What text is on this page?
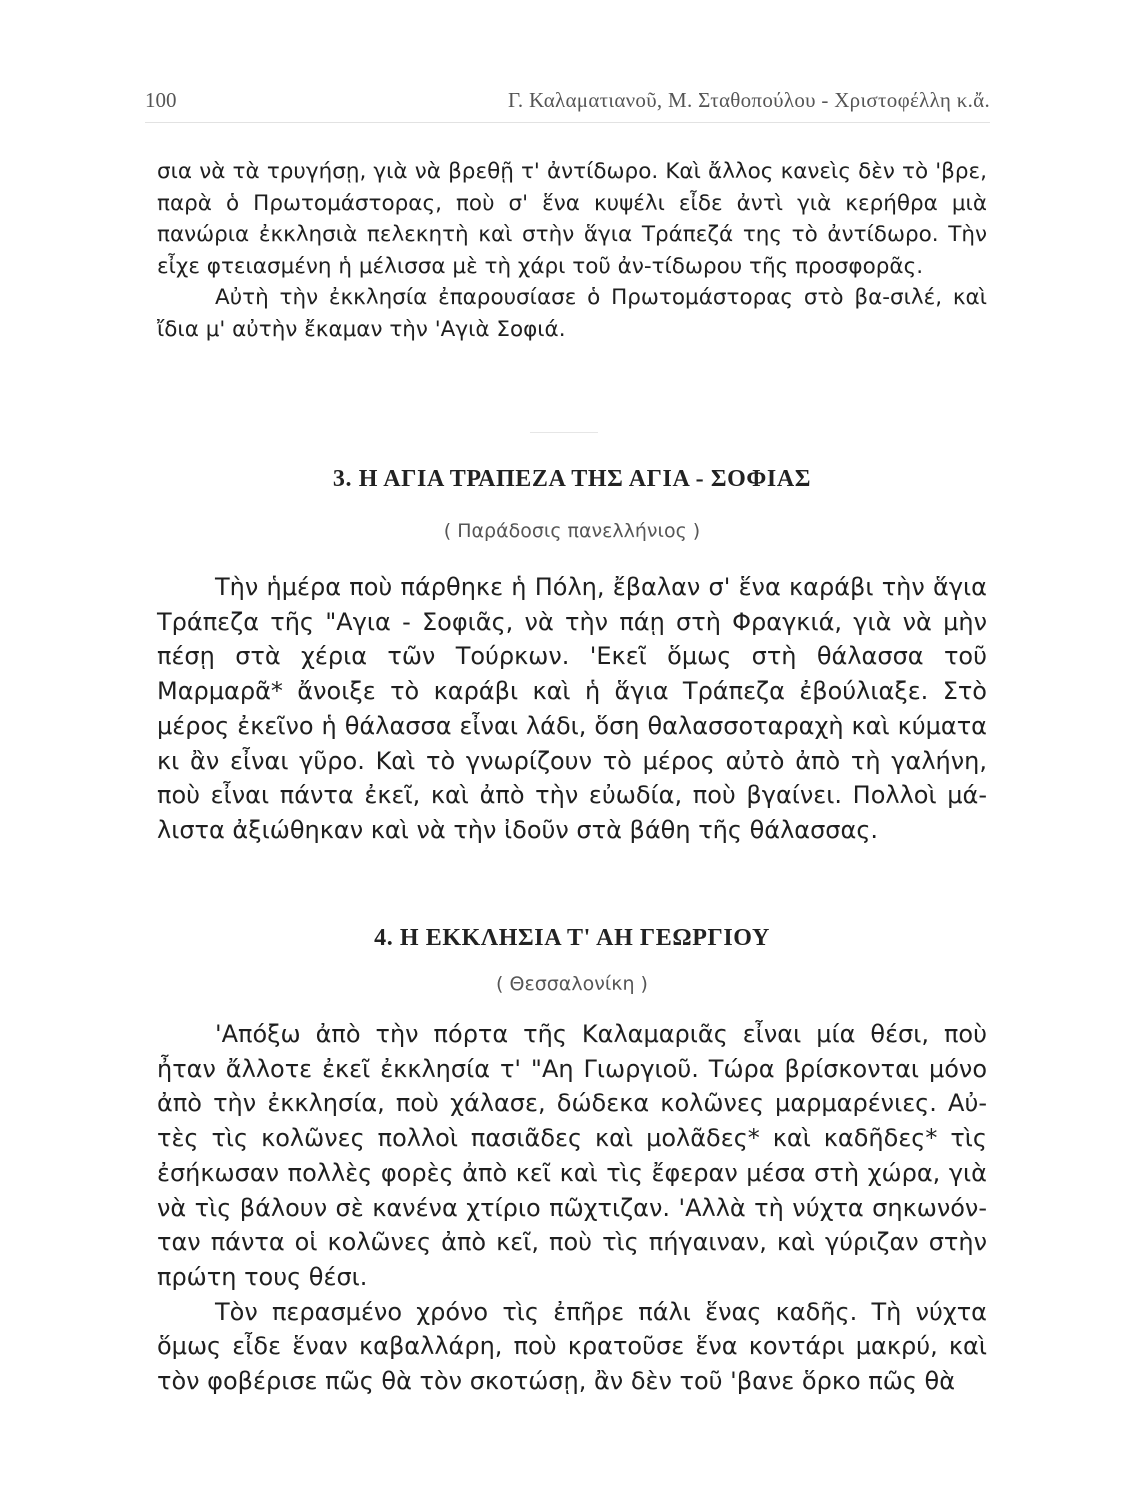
100	Γ. Καλαματιανοῦ, Μ. Σταθοπούλου - Χριστοφέλλη κ.ἄ.

σια νὰ τὰ τρυγήσῃ, γιὰ νὰ βρεθῇ τ' ἀντίδωρο. Καὶ ἄλλος κανεὶς δὲν τὸ 'βρε, παρὰ ὁ Πρωτομάστορας, ποὺ σ' ἕνα κυψέλι εἶδε ἀντὶ γιὰ κερήθρα μιὰ πανώρια ἐκκλησιὰ πελεκητὴ καὶ στὴν ἅγια Τράπεζά της τὸ ἀντίδωρο. Τὴν εἶχε φτειασμένη ἡ μέλισσα μὲ τὴ χάρι τοῦ ἀν-τίδωρου τῆς προσφορᾶς.

Αὐτὴ τὴν ἐκκλησία ἐπαρουσίασε ὁ Πρωτομάστορας στὸ βα-σιλέ, καὶ ἴδια μ' αὐτὴν ἔκαμαν τὴν 'Αγιὰ Σοφιά.

3. Η ΑΓΙΑ ΤΡΑΠΕΖΑ ΤΗΣ ΑΓΙΑ - ΣΟΦΙΑΣ
( Παράδοσις πανελλήνιος )

Τὴν ἡμέρα ποὺ πάρθηκε ἡ Πόλη, ἔβαλαν σ' ἕνα καράβι τὴν ἅγια Τράπεζα τῆς "Αγια - Σοφιᾶς, νὰ τὴν πάῃ στὴ Φραγκιά, γιὰ νὰ μὴν πέσῃ στὰ χέρια τῶν Τούρκων. 'Εκεῖ ὅμως στὴ θάλασσα τοῦ Μαρμαρᾶ* ἄνοιξε τὸ καράβι καὶ ἡ ἅγια Τράπεζα ἐβούλιαξε. Στὸ μέρος ἐκεῖνο ἡ θάλασσα εἶναι λάδι, ὅση θαλασσοταραχὴ καὶ κύματα κι ἂν εἶναι γῦρο. Καὶ τὸ γνωρίζουν τὸ μέρος αὐτὸ ἀπὸ τὴ γαλήνη, ποὺ εἶναι πάντα ἐκεῖ, καὶ ἀπὸ τὴν εὐωδία, ποὺ βγαίνει. Πολλοὶ μά-λιστα ἀξιώθηκαν καὶ νὰ τὴν ἰδοῦν στὰ βάθη τῆς θάλασσας.

4. Η ΕΚΚΛΗΣΙΑ Τ' ΑΗ ΓΕΩΡΓΙΟΥ
( Θεσσαλονίκη )

'Απόξω ἀπὸ τὴν πόρτα τῆς Καλαμαριᾶς εἶναι μία θέσι, ποὺ ἦταν ἄλλοτε ἐκεῖ ἐκκλησία τ' "Αη Γιωργιοῦ. Τώρα βρίσκονται μόνο ἀπὸ τὴν ἐκκλησία, ποὺ χάλασε, δώδεκα κολῶνες μαρμαρένιες. Αὐ-τὲς τὶς κολῶνες πολλοὶ πασιᾶδες καὶ μολᾶδες* καὶ καδῆδες* τὶς ἐσήκωσαν πολλὲς φορὲς ἀπὸ κεῖ καὶ τὶς ἔφεραν μέσα στὴ χώρα, γιὰ νὰ τὶς βάλουν σὲ κανένα χτίριο πῶχτιζαν. 'Αλλὰ τὴ νύχτα σηκωνόν-ταν πάντα οἱ κολῶνες ἀπὸ κεῖ, ποὺ τὶς πήγαιναν, καὶ γύριζαν στὴν πρώτη τους θέσι.

Τὸν περασμένο χρόνο τὶς ἐπῆρε πάλι ἕνας καδῆς. Τὴ νύχτα ὅμως εἶδε ἕναν καβαλλάρη, ποὺ κρατοῦσε ἕνα κοντάρι μακρύ, καὶ τὸν φοβέρισε πῶς θὰ τὸν σκοτώσῃ, ἂν δὲν τοῦ 'βανε ὅρκο πῶς θὰ
